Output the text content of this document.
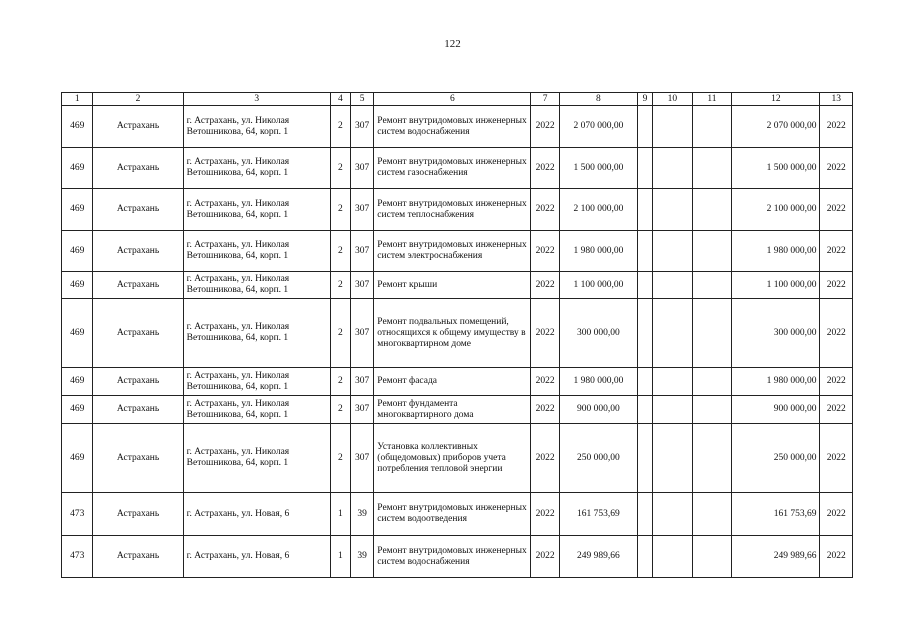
122
1	2	3	4	5	6	7	8	9	10	11	12	13
469	Астрахань	г. Астрахань, ул. Николая Ветошникова, 64, корп. 1	2	307	Ремонт внутридомовых инженерных систем водоснабжения	2022	2 070 000,00				2 070 000,00	2022
469	Астрахань	г. Астрахань, ул. Николая Ветошникова, 64, корп. 1	2	307	Ремонт внутридомовых инженерных систем газоснабжения	2022	1 500 000,00				1 500 000,00	2022
469	Астрахань	г. Астрахань, ул. Николая Ветошникова, 64, корп. 1	2	307	Ремонт внутридомовых инженерных систем теплоснабжения	2022	2 100 000,00				2 100 000,00	2022
469	Астрахань	г. Астрахань, ул. Николая Ветошникова, 64, корп. 1	2	307	Ремонт внутридомовых инженерных систем электроснабжения	2022	1 980 000,00				1 980 000,00	2022
469	Астрахань	г. Астрахань, ул. Николая Ветошникова, 64, корп. 1	2	307	Ремонт крыши	2022	1 100 000,00				1 100 000,00	2022
469	Астрахань	г. Астрахань, ул. Николая Ветошникова, 64, корп. 1	2	307	Ремонт подвальных помещений, относящихся к общему имуществу в многоквартирном доме	2022	300 000,00				300 000,00	2022
469	Астрахань	г. Астрахань, ул. Николая Ветошникова, 64, корп. 1	2	307	Ремонт фасада	2022	1 980 000,00				1 980 000,00	2022
469	Астрахань	г. Астрахань, ул. Николая Ветошникова, 64, корп. 1	2	307	Ремонт фундамента многоквартирного дома	2022	900 000,00				900 000,00	2022
469	Астрахань	г. Астрахань, ул. Николая Ветошникова, 64, корп. 1	2	307	Установка коллективных (общедомовых) приборов учета потребления тепловой энергии	2022	250 000,00				250 000,00	2022
473	Астрахань	г. Астрахань, ул. Новая, 6	1	39	Ремонт внутридомовых инженерных систем водоотведения	2022	161 753,69				161 753,69	2022
473	Астрахань	г. Астрахань, ул. Новая, 6	1	39	Ремонт внутридомовых инженерных систем водоснабжения	2022	249 989,66				249 989,66	2022
